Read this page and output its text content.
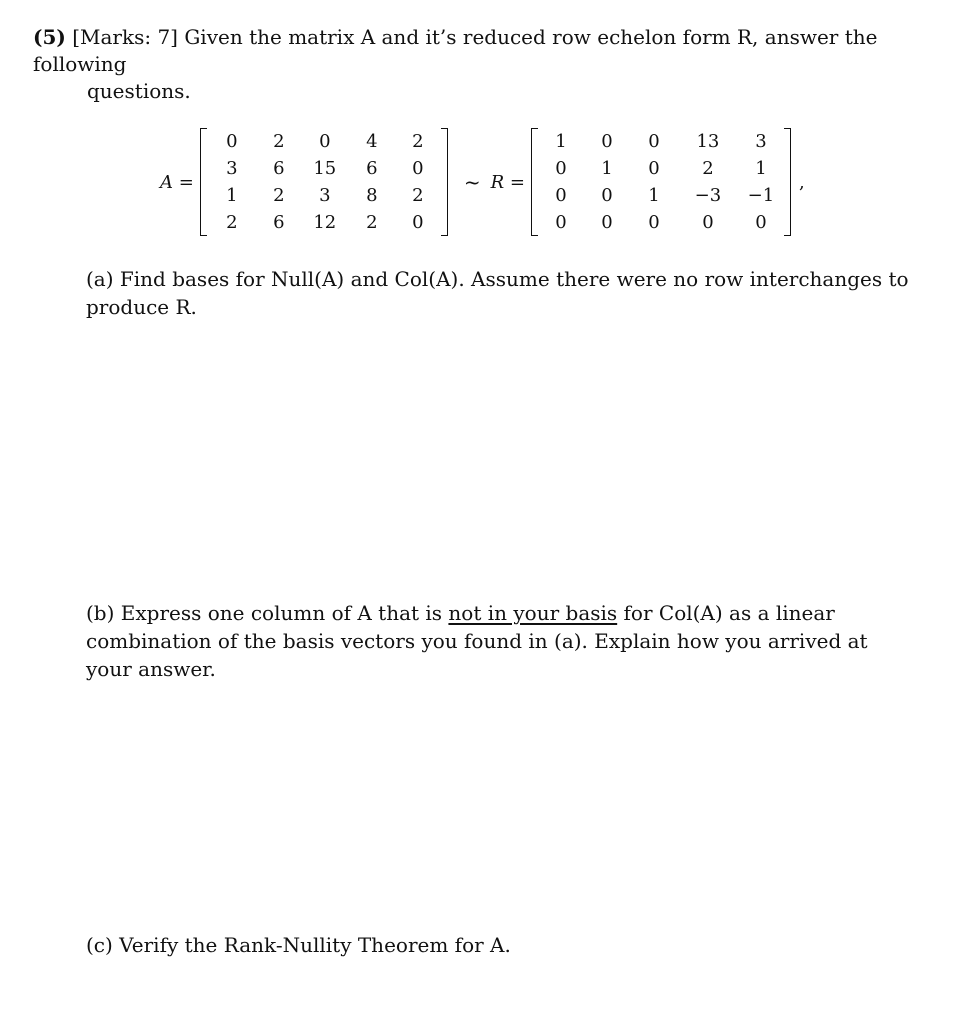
(5) [Marks: 7] Given the matrix A and it’s reduced row echelon form R, answer the following
questions.

A =
0	2	0	4	2
3	6	15	6	0
1	2	3	8	2
2	6	12	2	0
~ R =
1	0	0	13	3
0	1	0	2	1
0	0	1	−3	−1
0	0	0	0	0
,

(a) Find bases for Null(A) and Col(A). Assume there were no row interchanges to produce R.

(b) Express one column of A that is not in your basis for Col(A) as a linear combination of the basis vectors you found in (a). Explain how you arrived at your answer.

(c) Verify the Rank-Nullity Theorem for A.
